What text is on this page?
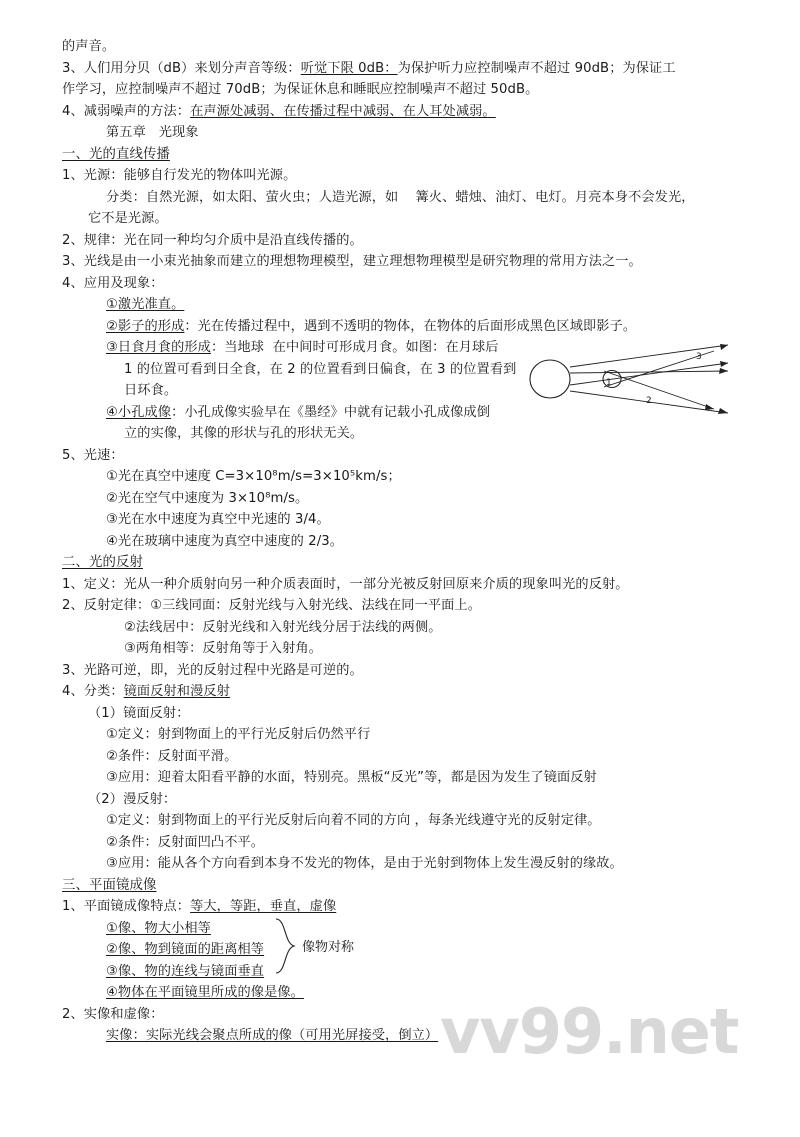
的声音。
3、人们用分贝（dB）来划分声音等级：听觉下限 0dB：为保护听力应控制噪声不超过 90dB；为保证工
作学习，应控制噪声不超过 70dB；为保证休息和睡眠应控制噪声不超过 50dB。
4、减弱噪声的方法：在声源处减弱、在传播过程中减弱、在人耳处减弱。
第五章   光现象
一、光的直线传播
1、光源：能够自行发光的物体叫光源。
分类：自然光源，如太阳、萤火虫；人造光源，如    篝火、蜡烛、油灯、电灯。月亮本身不会发光，
它不是光源。
2、规律：光在同一种均匀介质中是沿直线传播的。
3、光线是由一小束光抽象而建立的理想物理模型，建立理想物理模型是研究物理的常用方法之一。
4、应用及现象：
①激光准直。
②影子的形成：光在传播过程中，遇到不透明的物体，在物体的后面形成黑色区域即影子。
③日食月食的形成：当地球  在中间时可形成月食。如图：在月球后
1 的位置可看到日全食，在 2 的位置看到日偏食，在 3 的位置看到
日环食。
④小孔成像：小孔成像实验早在《墨经》中就有记载小孔成像成倒
立的实像，其像的形状与孔的形状无关。
5、光速：
①光在真空中速度 C=3×10⁸m/s=3×10⁵km/s；
②光在空气中速度为 3×10⁸m/s。
③光在水中速度为真空中光速的 3/4。
④光在玻璃中速度为真空中速度的 2/3。
二、光的反射
1、定义：光从一种介质射向另一种介质表面时，一部分光被反射回原来介质的现象叫光的反射。
2、反射定律：①三线同面：反射光线与入射光线、法线在同一平面上。
②法线居中：反射光线和入射光线分居于法线的两侧。
③两角相等：反射角等于入射角。
3、光路可逆，即，光的反射过程中光路是可逆的。
4、分类：镜面反射和漫反射
（1）镜面反射：
①定义：射到物面上的平行光反射后仍然平行
②条件：反射面平滑。
③应用：迎着太阳看平静的水面，特别亮。黑板“反光”等，都是因为发生了镜面反射
（2）漫反射：
①定义：射到物面上的平行光反射后向着不同的方向 ，每条光线遵守光的反射定律。
②条件：反射面凹凸不平。
③应用：能从各个方向看到本身不发光的物体，是由于光射到物体上发生漫反射的缘故。
三、平面镜成像
1、平面镜成像特点：等大，等距，垂直，虚像
①像、物大小相等
②像、物到镜面的距离相等
③像、物的连线与镜面垂直
④物体在平面镜里所成的像是像。
2、实像和虚像：
实像：实际光线会聚点所成的像（可用光屏接受，倒立）
1
2
3
像物对称
vv99.net
